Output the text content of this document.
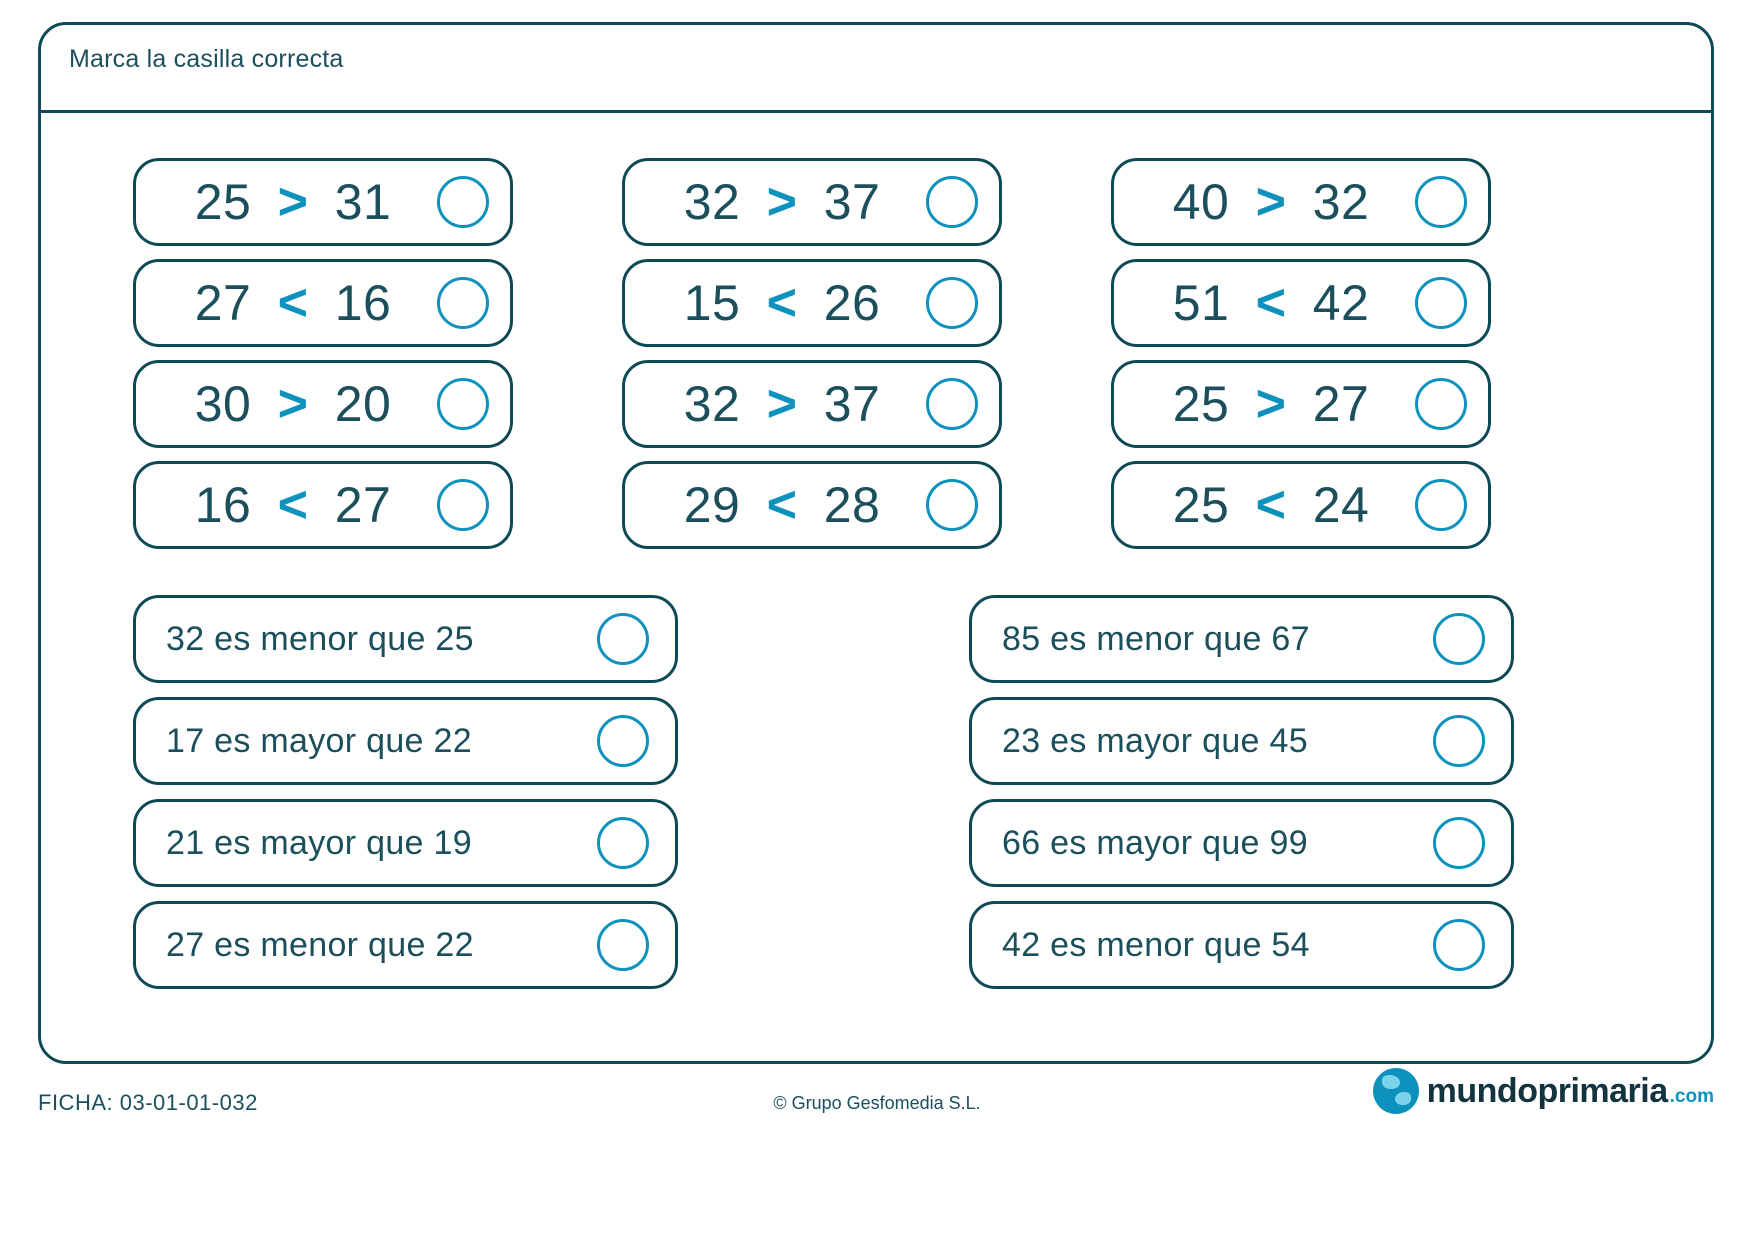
Marca la casilla correcta
25 > 31
27 < 16
30 > 20
16 < 27
32 > 37
15 < 26
32 > 37
29 < 28
40 > 32
51 < 42
25 > 27
25 < 24
32 es menor que 25
17 es mayor que 22
21 es mayor que 19
27 es menor que 22
85 es menor que 67
23 es mayor que 45
66 es mayor que 99
42 es menor que 54
FICHA: 03-01-01-032	© Grupo Gesfomedia S.L.	mundoprimaria .com
